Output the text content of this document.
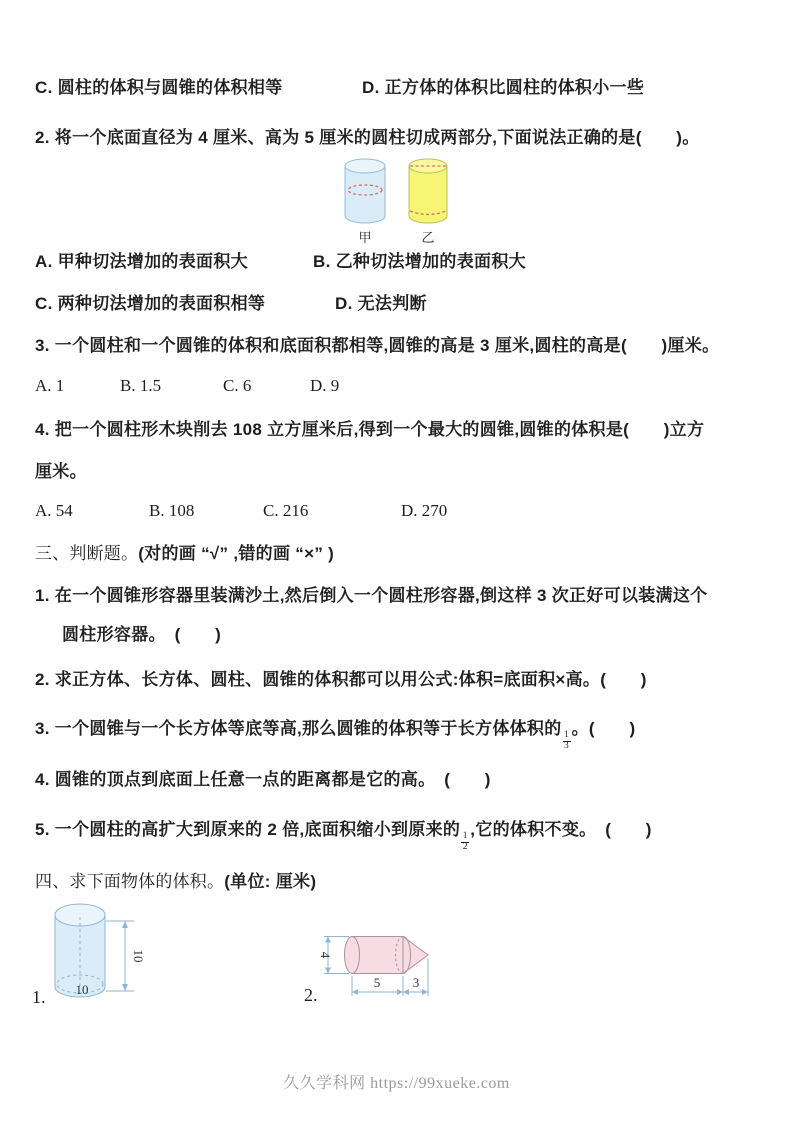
C. 圆柱的体积与圆锥的体积相等	D. 正方体的体积比圆柱的体积小一些
2. 将一个底面直径为 4 厘米、高为 5 厘米的圆柱切成两部分,下面说法正确的是(　　)。
甲	乙
A. 甲种切法增加的表面积大	B. 乙种切法增加的表面积大
C. 两种切法增加的表面积相等	D. 无法判断
3. 一个圆柱和一个圆锥的体积和底面积都相等,圆锥的高是 3 厘米,圆柱的高是(　　)厘米。
A. 1	B. 1.5	C. 6	D. 9
4. 把一个圆柱形木块削去 108 立方厘米后,得到一个最大的圆锥,圆锥的体积是(　　)立方
厘米。
A. 54	B. 108	C. 216	D. 270
三、判断题。(对的画 “√” ,错的画 “×” )
1. 在一个圆锥形容器里装满沙土,然后倒入一个圆柱形容器,倒这样 3 次正好可以装满这个
圆柱形容器。　(　　)
2. 求正方体、长方体、圆柱、圆锥的体积都可以用公式:体积=底面积×高。(　　)
3. 一个圆锥与一个长方体等底等高,那么圆锥的体积等于长方体体积的
$\frac{1}{3}$
。(　　)
4. 圆锥的顶点到底面上任意一点的距离都是它的高。　(　　)
5. 一个圆柱的高扩大到原来的 2 倍,底面积缩小到原来的
$\frac{1}{2}$
,它的体积不变。　(　　)
四、求下面物体的体积。(单位: 厘米)
10
10
1.
4
5	3
2.
久久学科网 https://99xueke.com
